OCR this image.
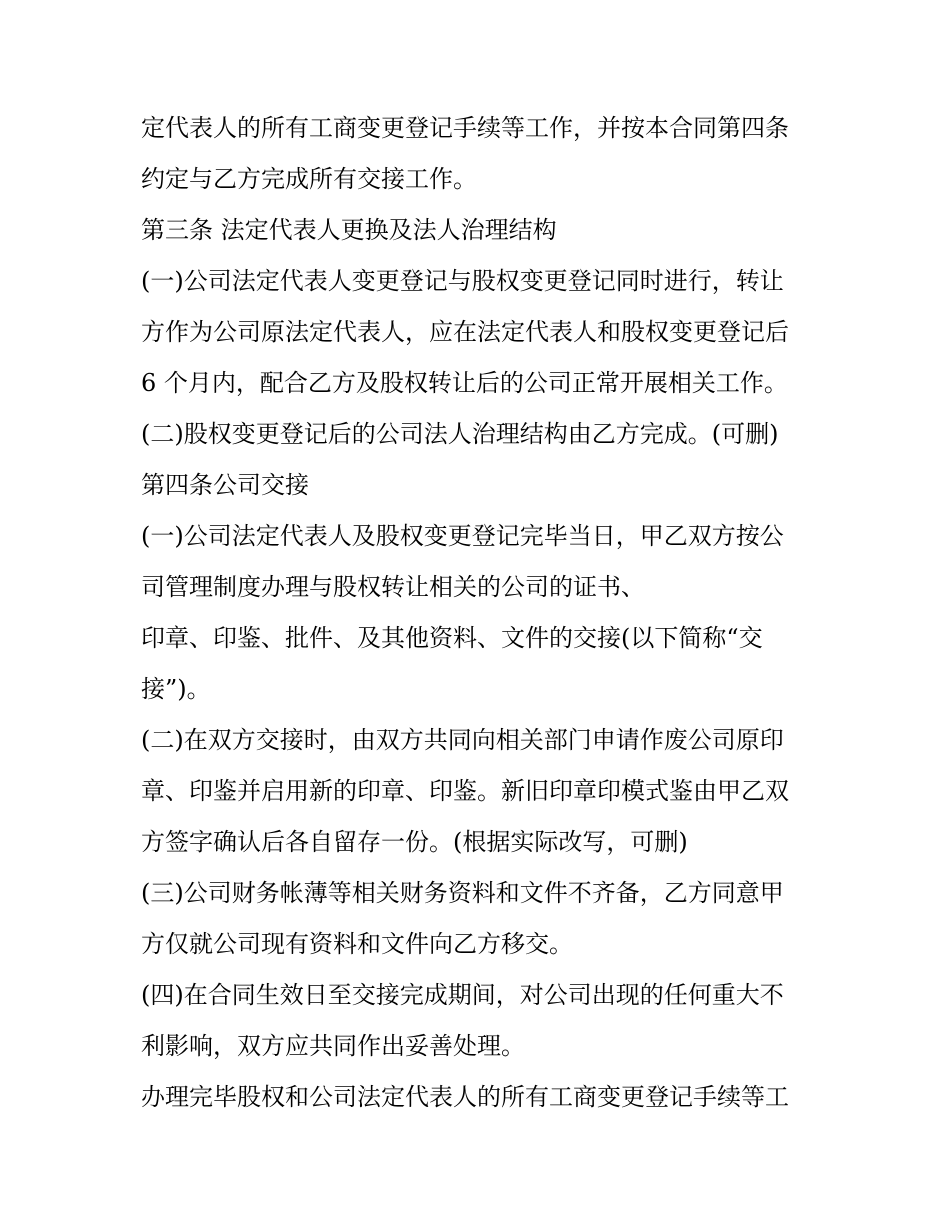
定代表人的所有工商变更登记手续等工作，并按本合同第四条
约定与乙方完成所有交接工作。
第三条 法定代表人更换及法人治理结构
(一)公司法定代表人变更登记与股权变更登记同时进行，转让
方作为公司原法定代表人，应在法定代表人和股权变更登记后
6 个月内，配合乙方及股权转让后的公司正常开展相关工作。
(二)股权变更登记后的公司法人治理结构由乙方完成。(可删)
第四条公司交接
(一)公司法定代表人及股权变更登记完毕当日，甲乙双方按公
司管理制度办理与股权转让相关的公司的证书、
印章、印鉴、批件、及其他资料、文件的交接(以下简称“交
接”)。
(二)在双方交接时，由双方共同向相关部门申请作废公司原印
章、印鉴并启用新的印章、印鉴。新旧印章印模式鉴由甲乙双
方签字确认后各自留存一份。(根据实际改写，可删)
(三)公司财务帐薄等相关财务资料和文件不齐备，乙方同意甲
方仅就公司现有资料和文件向乙方移交。
(四)在合同生效日至交接完成期间，对公司出现的任何重大不
利影响，双方应共同作出妥善处理。
办理完毕股权和公司法定代表人的所有工商变更登记手续等工
